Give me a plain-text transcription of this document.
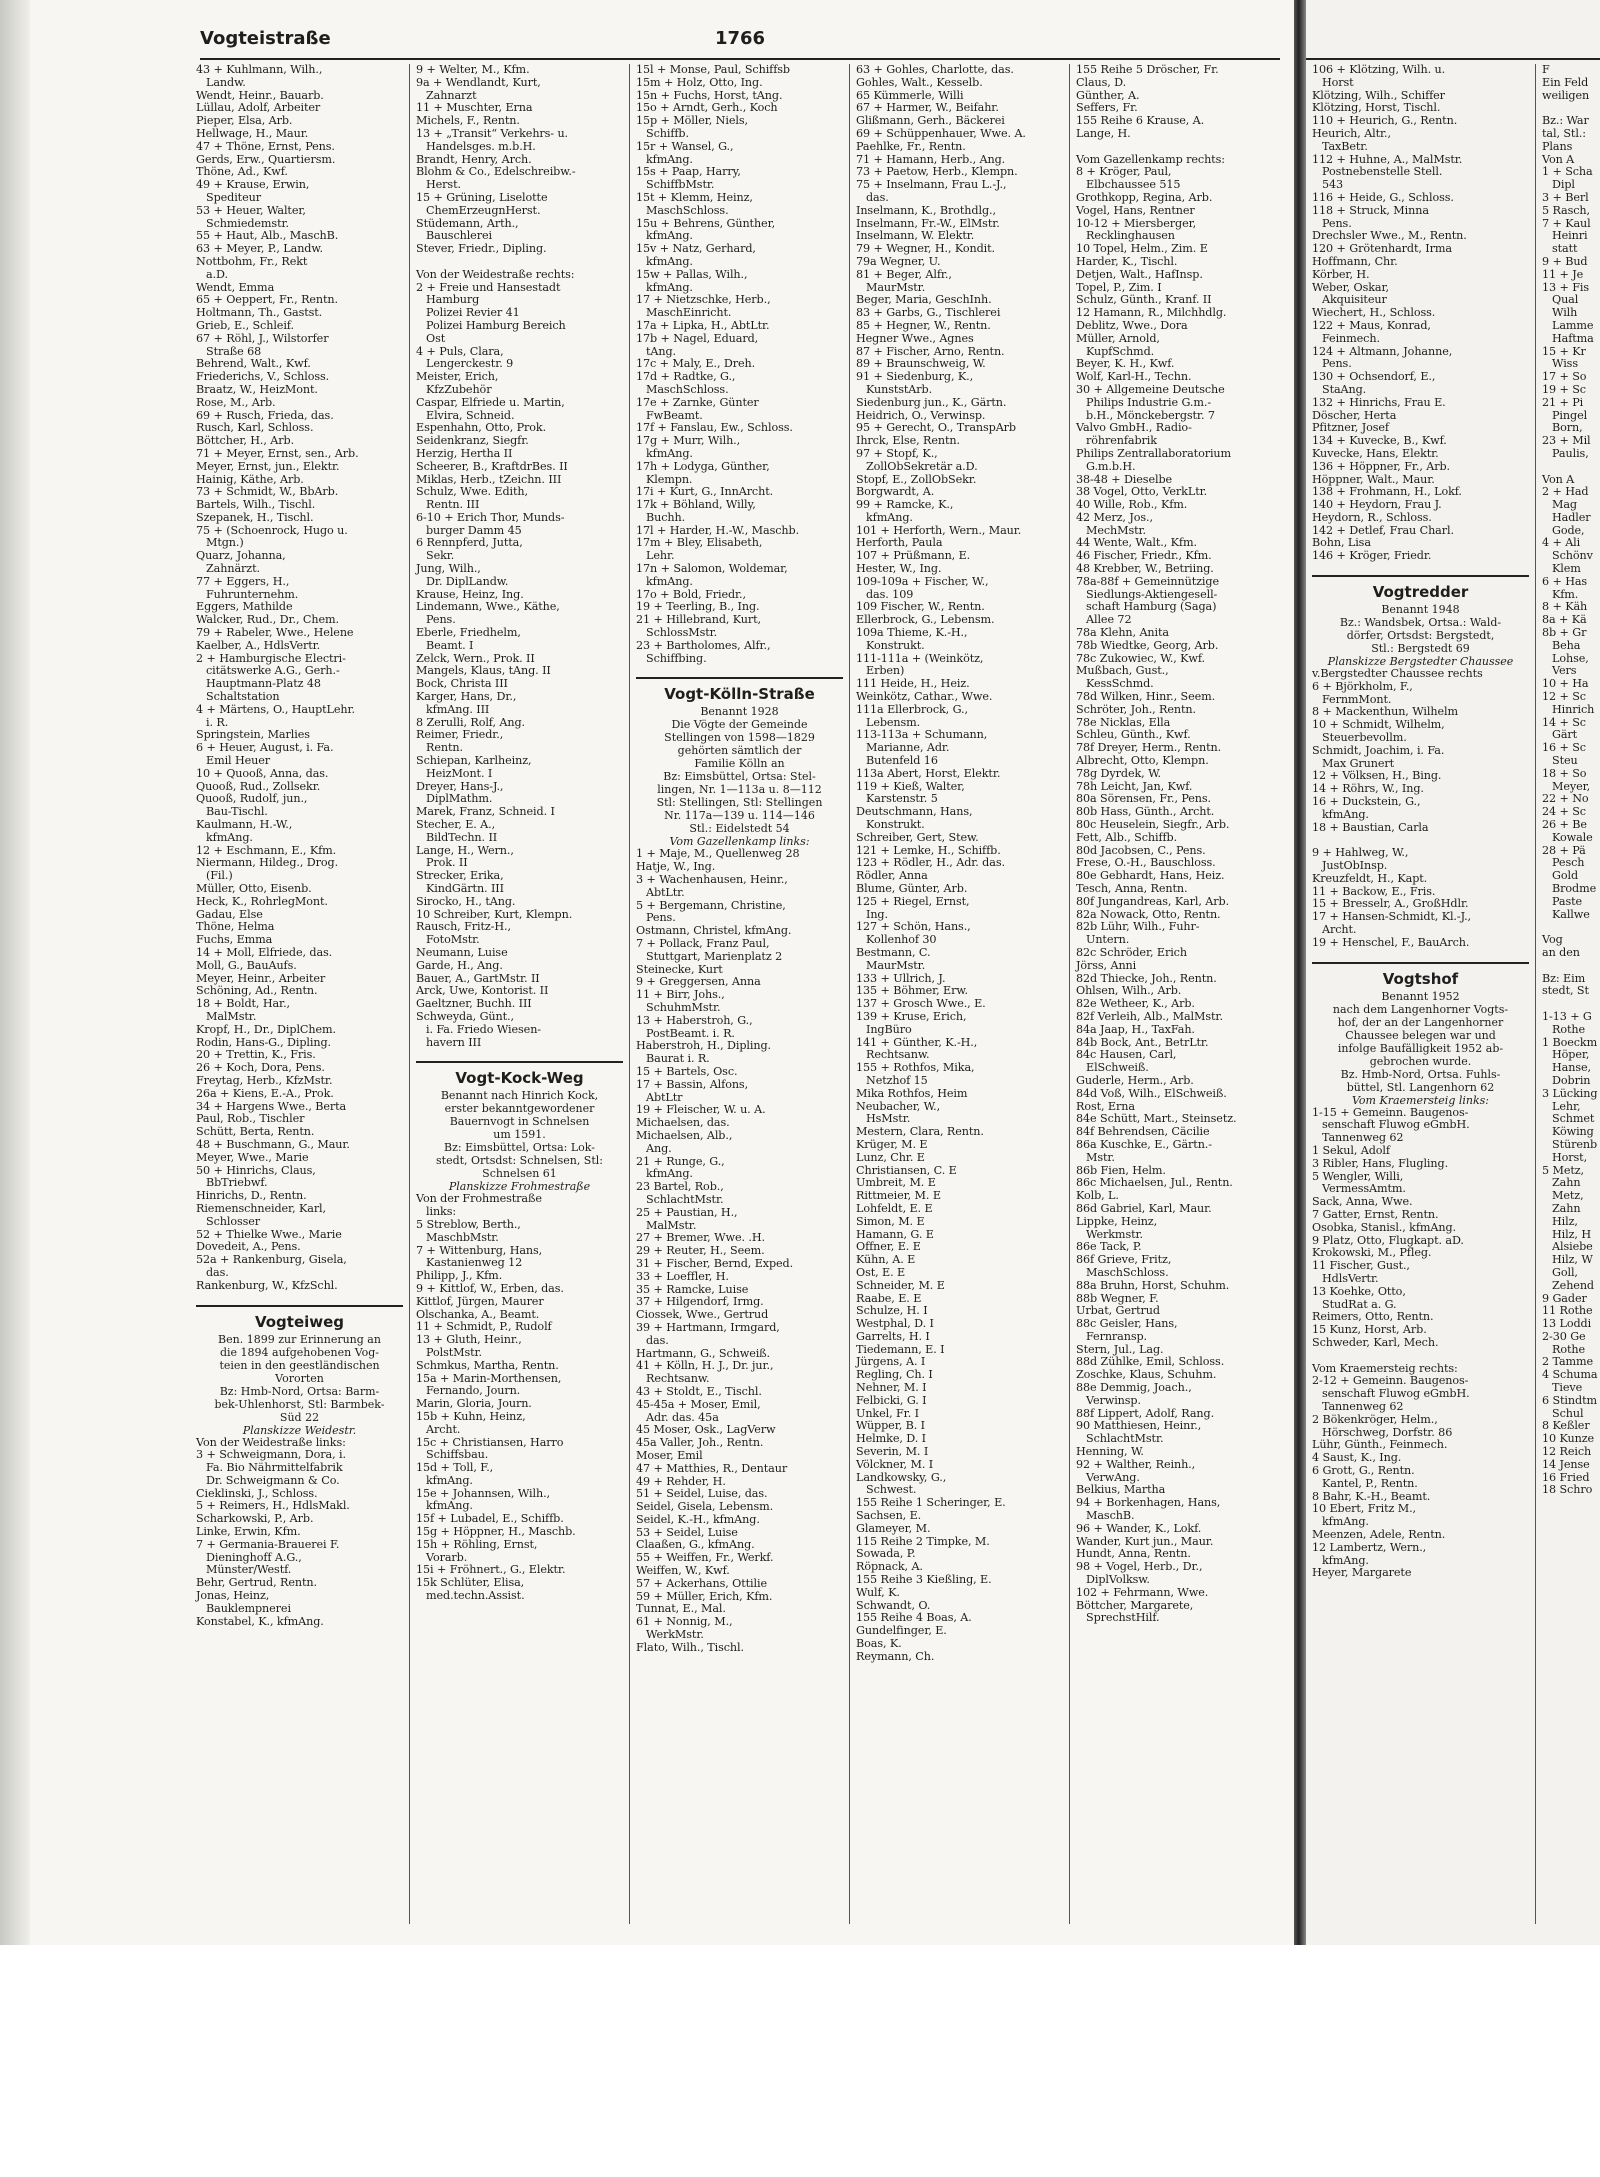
Vogteistraße	1766
43 + Kuhlmann, Wilh.,
Landw.
Wendt, Heinr., Bauarb.
Lüllau, Adolf, Arbeiter
Pieper, Elsa, Arb.
Hellwage, H., Maur.
47 + Thöne, Ernst, Pens.
Gerds, Erw., Quartiersm.
Thöne, Ad., Kwf.
49 + Krause, Erwin,
Spediteur
53 + Heuer, Walter,
Schmiedemstr.
55 + Haut, Alb., MaschB.
63 + Meyer, P., Landw.
Nottbohm, Fr., Rekt
a.D.
Wendt, Emma
65 + Oeppert, Fr., Rentn.
Holtmann, Th., Gastst.
Grieb, E., Schleif.
67 + Röhl, J., Wilstorfer
Straße 68
Behrend, Walt., Kwf.
Friederichs, V., Schloss.
Braatz, W., HeizMont.
Rose, M., Arb.
69 + Rusch, Frieda, das.
Rusch, Karl, Schloss.
Böttcher, H., Arb.
71 + Meyer, Ernst, sen., Arb.
Meyer, Ernst, jun., Elektr.
Hainig, Käthe, Arb.
73 + Schmidt, W., BbArb.
Bartels, Wilh., Tischl.
Szepanek, H., Tischl.
75 + (Schoenrock, Hugo u.
Mtgn.)
Quarz, Johanna,
Zahnärzt.
77 + Eggers, H.,
Fuhrunternehm.
Eggers, Mathilde
Walcker, Rud., Dr., Chem.
79 + Rabeler, Wwe., Helene
Kaelber, A., HdlsVertr.
2 + Hamburgische Electri-
citätswerke A.G., Gerh.-
Hauptmann-Platz 48
Schaltstation
4 + Märtens, O., HauptLehr.
i. R.
Springstein, Marlies
6 + Heuer, August, i. Fa.
Emil Heuer
10 + Quooß, Anna, das.
Quooß, Rud., Zollsekr.
Quooß, Rudolf, jun.,
Bau-Tischl.
Kaulmann, H.-W.,
kfmAng.
12 + Eschmann, E., Kfm.
Niermann, Hildeg., Drog.
(Fil.)
Müller, Otto, Eisenb.
Heck, K., RohrlegMont.
Gadau, Else
Thöne, Helma
Fuchs, Emma
14 + Moll, Elfriede, das.
Moll, G., BauAufs.
Meyer, Heinr., Arbeiter
Schöning, Ad., Rentn.
18 + Boldt, Har.,
MalMstr.
Kropf, H., Dr., DiplChem.
Rodin, Hans-G., Dipling.
20 + Trettin, K., Fris.
26 + Koch, Dora, Pens.
Freytag, Herb., KfzMstr.
26a + Kiens, E.-A., Prok.
34 + Hargens Wwe., Berta
Paul, Rob., Tischler
Schütt, Berta, Rentn.
48 + Buschmann, G., Maur.
Meyer, Wwe., Marie
50 + Hinrichs, Claus,
BbTriebwf.
Hinrichs, D., Rentn.
Riemenschneider, Karl,
Schlosser
52 + Thielke Wwe., Marie
Dovedeit, A., Pens.
52a + Rankenburg, Gisela,
das.
Rankenburg, W., KfzSchl.
Vogteiweg
Ben. 1899 zur Erinnerung an
die 1894 aufgehobenen Vog-
teien in den geestländischen
Vororten
Bz: Hmb-Nord, Ortsa: Barm-
bek-Uhlenhorst, Stl: Barmbek-
Süd 22
Planskizze Weidestr.
Von der Weidestraße links:
3 + Schweigmann, Dora, i.
Fa. Bio Nährmittelfabrik
Dr. Schweigmann & Co.
Cieklinski, J., Schloss.
5 + Reimers, H., HdlsMakl.
Scharkowski, P., Arb.
Linke, Erwin, Kfm.
7 + Germania-Brauerei F.
Dieninghoff A.G.,
Münster/Westf.
Behr, Gertrud, Rentn.
Jonas, Heinz,
Bauklempnerei
Konstabel, K., kfmAng.
9 + Welter, M., Kfm.
9a + Wendlandt, Kurt,
Zahnarzt
11 + Muschter, Erna
Michels, F., Rentn.
13 + „Transit“ Verkehrs- u.
Handelsges. m.b.H.
Brandt, Henry, Arch.
Blohm & Co., Edelschreibw.-
Herst.
15 + Grüning, Liselotte
ChemErzeugnHerst.
Stüdemann, Arth.,
Bauschlerei
Stever, Friedr., Dipling.

Von der Weidestraße rechts:
2 + Freie und Hansestadt
Hamburg
Polizei Revier 41
Polizei Hamburg Bereich
Ost
4 + Puls, Clara,
Lengerckestr. 9
Meister, Erich,
KfzZubehör
Caspar, Elfriede u. Martin,
Elvira, Schneid.
Espenhahn, Otto, Prok.
Seidenkranz, Siegfr.
Herzig, Hertha II
Scheerer, B., KraftdrBes. II
Miklas, Herb., tZeichn. III
Schulz, Wwe. Edith,
Rentn. III
6-10 + Erich Thor, Munds-
burger Damm 45
6 Rennpferd, Jutta,
Sekr.
Jung, Wilh.,
Dr. DiplLandw.
Krause, Heinz, Ing.
Lindemann, Wwe., Käthe,
Pens.
Eberle, Friedhelm,
Beamt. I
Zelck, Wern., Prok. II
Mangels, Klaus, tAng. II
Bock, Christa III
Karger, Hans, Dr.,
kfmAng. III
8 Zerulli, Rolf, Ang.
Reimer, Friedr.,
Rentn.
Schiepan, Karlheinz,
HeizMont. I
Dreyer, Hans-J.,
DiplMathm.
Marek, Franz, Schneid. I
Stecher, E. A.,
BildTechn. II
Lange, H., Wern.,
Prok. II
Strecker, Erika,
KindGärtn. III
Sirocko, H., tAng.
10 Schreiber, Kurt, Klempn.
Rausch, Fritz-H.,
FotoMstr.
Neumann, Luise
Garde, H., Ang.
Bauer, A., GartMstr. II
Arck, Uwe, Kontorist. II
Gaeltzner, Buchh. III
Schweyda, Günt.,
i. Fa. Friedo Wiesen-
havern III
Vogt-Kock-Weg
Benannt nach Hinrich Kock,
erster bekanntgewordener
Bauernvogt in Schnelsen
um 1591.
Bz: Eimsbüttel, Ortsa: Lok-
stedt, Ortsdst: Schnelsen, Stl:
Schnelsen 61
Planskizze Frohmestraße
Von der Frohmestraße
links:
5 Streblow, Berth.,
MaschbMstr.
7 + Wittenburg, Hans,
Kastanienweg 12
Philipp, J., Kfm.
9 + Kittlof, W., Erben, das.
Kittlof, Jürgen, Maurer
Olschanka, A., Beamt.
11 + Schmidt, P., Rudolf
13 + Gluth, Heinr.,
PolstMstr.
Schmkus, Martha, Rentn.
15a + Marin-Morthensen,
Fernando, Journ.
Marin, Gloria, Journ.
15b + Kuhn, Heinz,
Archt.
15c + Christiansen, Harro
Schiffsbau.
15d + Toll, F.,
kfmAng.
15e + Johannsen, Wilh.,
kfmAng.
15f + Lubadel, E., Schiffb.
15g + Höppner, H., Maschb.
15h + Röhling, Ernst,
Vorarb.
15i + Fröhnert., G., Elektr.
15k Schlüter, Elisa,
med.techn.Assist.
15l + Monse, Paul, Schiffsb
15m + Holz, Otto, Ing.
15n + Fuchs, Horst, tAng.
15o + Arndt, Gerh., Koch
15p + Möller, Niels,
Schiffb.
15r + Wansel, G.,
kfmAng.
15s + Paap, Harry,
SchiffbMstr.
15t + Klemm, Heinz,
MaschSchloss.
15u + Behrens, Günther,
kfmAng.
15v + Natz, Gerhard,
kfmAng.
15w + Pallas, Wilh.,
kfmAng.
17 + Nietzschke, Herb.,
MaschEinricht.
17a + Lipka, H., AbtLtr.
17b + Nagel, Eduard,
tAng.
17c + Maly, E., Dreh.
17d + Radtke, G.,
MaschSchloss.
17e + Zarnke, Günter
FwBeamt.
17f + Fanslau, Ew., Schloss.
17g + Murr, Wilh.,
kfmAng.
17h + Lodyga, Günther,
Klempn.
17i + Kurt, G., InnArcht.
17k + Böhland, Willy,
Buchh.
17l + Harder, H.-W., Maschb.
17m + Bley, Elisabeth,
Lehr.
17n + Salomon, Woldemar,
kfmAng.
17o + Bold, Friedr.,
19 + Teerling, B., Ing.
21 + Hillebrand, Kurt,
SchlossMstr.
23 + Bartholomes, Alfr.,
Schiffbing.
Vogt-Kölln-Straße
Benannt 1928
Die Vögte der Gemeinde
Stellingen von 1598—1829
gehörten sämtlich der
Familie Kölln an
Bz: Eimsbüttel, Ortsa: Stel-
lingen, Nr. 1—113a u. 8—112
Stl: Stellingen, Stl: Stellingen
Nr. 117a—139 u. 114—146
Stl.: Eidelstedt 54
Vom Gazellenkamp links:
1 + Maje, M., Quellenweg 28
Hatje, W., Ing.
3 + Wachenhausen, Heinr.,
AbtLtr.
5 + Bergemann, Christine,
Pens.
Ostmann, Christel, kfmAng.
7 + Pollack, Franz Paul,
Stuttgart, Marienplatz 2
Steinecke, Kurt
9 + Greggersen, Anna
11 + Birr, Johs.,
SchuhmMstr.
13 + Haberstroh, G.,
PostBeamt. i. R.
Haberstroh, H., Dipling.
Baurat i. R.
15 + Bartels, Osc.
17 + Bassin, Alfons,
AbtLtr
19 + Fleischer, W. u. A.
Michaelsen, das.
Michaelsen, Alb.,
Ang.
21 + Runge, G.,
kfmAng.
23 Bartel, Rob.,
SchlachtMstr.
25 + Paustian, H.,
MalMstr.
27 + Bremer, Wwe. .H.
29 + Reuter, H., Seem.
31 + Fischer, Bernd, Exped.
33 + Loeffler, H.
35 + Ramcke, Luise
37 + Hilgendorf, Irmg.
Ciossek, Wwe., Gertrud
39 + Hartmann, Irmgard,
das.
Hartmann, G., Schweiß.
41 + Kölln, H. J., Dr. jur.,
Rechtsanw.
43 + Stoldt, E., Tischl.
45-45a + Moser, Emil,
Adr. das. 45a
45 Moser, Osk., LagVerw
45a Valler, Joh., Rentn.
Moser, Emil
47 + Matthies, R., Dentaur
49 + Rehder, H.
51 + Seidel, Luise, das.
Seidel, Gisela, Lebensm.
Seidel, K.-H., kfmAng.
53 + Seidel, Luise
Claaßen, G., kfmAng.
55 + Weiffen, Fr., Werkf.
Weiffen, W., Kwf.
57 + Ackerhans, Ottilie
59 + Müller, Erich, Kfm.
Tunnat, E., Mal.
61 + Nonnig, M.,
WerkMstr.
Flato, Wilh., Tischl.
63 + Gohles, Charlotte, das.
Gohles, Walt., Kesselb.
65 Kümmerle, Willi
67 + Harmer, W., Beifahr.
Glißmann, Gerh., Bäckerei
69 + Schüppenhauer, Wwe. A.
Paehlke, Fr., Rentn.
71 + Hamann, Herb., Ang.
73 + Paetow, Herb., Klempn.
75 + Inselmann, Frau L.-J.,
das.
Inselmann, K., Brothdlg.,
Inselmann, Fr.-W., ElMstr.
Inselmann, W. Elektr.
79 + Wegner, H., Kondit.
79a Wegner, U.
81 + Beger, Alfr.,
MaurMstr.
Beger, Maria, GeschInh.
83 + Garbs, G., Tischlerei
85 + Hegner, W., Rentn.
Hegner Wwe., Agnes
87 + Fischer, Arno, Rentn.
89 + Braunschweig, W.
91 + Siedenburg, K.,
KunststArb.
Siedenburg jun., K., Gärtn.
Heidrich, O., Verwinsp.
95 + Gerecht, O., TranspArb
Ihrck, Else, Rentn.
97 + Stopf, K.,
ZollObSekretär a.D.
Stopf, E., ZollObSekr.
Borgwardt, A.
99 + Ramcke, K.,
kfmAng.
101 + Herforth, Wern., Maur.
Herforth, Paula
107 + Prüßmann, E.
Hester, W., Ing.
109-109a + Fischer, W.,
das. 109
109 Fischer, W., Rentn.
Ellerbrock, G., Lebensm.
109a Thieme, K.-H.,
Konstrukt.
111-111a + (Weinkötz,
Erben)
111 Heide, H., Heiz.
Weinkötz, Cathar., Wwe.
111a Ellerbrock, G.,
Lebensm.
113-113a + Schumann,
Marianne, Adr.
Butenfeld 16
113a Abert, Horst, Elektr.
119 + Kieß, Walter,
Karstenstr. 5
Deutschmann, Hans,
Konstrukt.
Schreiber, Gert, Stew.
121 + Lemke, H., Schiffb.
123 + Rödler, H., Adr. das.
Rödler, Anna
Blume, Günter, Arb.
125 + Riegel, Ernst,
Ing.
127 + Schön, Hans.,
Kollenhof 30
Bestmann, C.
MaurMstr.
133 + Ullrich, J.
135 + Böhmer, Erw.
137 + Grosch Wwe., E.
139 + Kruse, Erich,
IngBüro
141 + Günther, K.-H.,
Rechtsanw.
155 + Rothfos, Mika,
Netzhof 15
Mika Rothfos, Heim
Neubacher, W.,
HsMstr.
Mestern, Clara, Rentn.
Krüger, M. E
Lunz, Chr. E
Christiansen, C. E
Umbreit, M. E
Rittmeier, M. E
Lohfeldt, E. E
Simon, M. E
Hamann, G. E
Offner, E. E
Kühn, A. E
Ost, E. E
Schneider, M. E
Raabe, E. E
Schulze, H. I
Westphal, D. I
Garrelts, H. I
Tiedemann, E. I
Jürgens, A. I
Regling, Ch. I
Nehner, M. I
Felbicki, G. I
Unkel, Fr. I
Wüpper, B. I
Helmke, D. I
Severin, M. I
Völckner, M. I
Landkowsky, G.,
Schwest.
155 Reihe 1 Scheringer, E.
Sachsen, E.
Glameyer, M.
115 Reihe 2 Timpke, M.
Sowada, P.
Röpnack, A.
155 Reihe 3 Kießling, E.
Wulf, K.
Schwandt, O.
155 Reihe 4 Boas, A.
Gundelfinger, E.
Boas, K.
Reymann, Ch.
155 Reihe 5 Dröscher, Fr.
Claus, D.
Günther, A.
Seffers, Fr.
155 Reihe 6 Krause, A.
Lange, H.

Vom Gazellenkamp rechts:
8 + Kröger, Paul,
Elbchaussee 515
Grothkopp, Regina, Arb.
Vogel, Hans, Rentner
10-12 + Miersberger,
Recklinghausen
10 Topel, Helm., Zim. E
Harder, K., Tischl.
Detjen, Walt., HafInsp.
Topel, P., Zim. I
Schulz, Günth., Kranf. II
12 Hamann, R., Milchhdlg.
Deblitz, Wwe., Dora
Müller, Arnold,
KupfSchmd.
Beyer, K. H., Kwf.
Wolf, Karl-H., Techn.
30 + Allgemeine Deutsche
Philips Industrie G.m.-
b.H., Mönckebergstr. 7
Valvo GmbH., Radio-
röhrenfabrik
Philips Zentrallaboratorium
G.m.b.H.
38-48 + Dieselbe
38 Vogel, Otto, VerkLtr.
40 Wille, Rob., Kfm.
42 Merz, Jos.,
MechMstr.
44 Wente, Walt., Kfm.
46 Fischer, Friedr., Kfm.
48 Krebber, W., Betriing.
78a-88f + Gemeinnützige
Siedlungs-Aktiengesell-
schaft Hamburg (Saga)
Allee 72
78a Klehn, Anita
78b Wiedtke, Georg, Arb.
78c Zukowiec, W., Kwf.
Mußbach, Gust.,
KessSchmd.
78d Wilken, Hinr., Seem.
Schröter, Joh., Rentn.
78e Nicklas, Ella
Schleu, Günth., Kwf.
78f Dreyer, Herm., Rentn.
Albrecht, Otto, Klempn.
78g Dyrdek, W.
78h Leicht, Jan, Kwf.
80a Sörensen, Fr., Pens.
80b Hass, Günth., Archt.
80c Heuselein, Siegfr., Arb.
Fett, Alb., Schiffb.
80d Jacobsen, C., Pens.
Frese, O.-H., Bauschloss.
80e Gebhardt, Hans, Heiz.
Tesch, Anna, Rentn.
80f Jungandreas, Karl, Arb.
82a Nowack, Otto, Rentn.
82b Lühr, Wilh., Fuhr-
Untern.
82c Schröder, Erich
Jörss, Anni
82d Thiecke, Joh., Rentn.
Ohlsen, Wilh., Arb.
82e Wetheer, K., Arb.
82f Verleih, Alb., MalMstr.
84a Jaap, H., TaxFah.
84b Bock, Ant., BetrLtr.
84c Hausen, Carl,
ElSchweiß.
Guderle, Herm., Arb.
84d Voß, Wilh., ElSchweiß.
Rost, Erna
84e Schütt, Mart., Steinsetz.
84f Behrendsen, Cäcilie
86a Kuschke, E., Gärtn.-
Mstr.
86b Fien, Helm.
86c Michaelsen, Jul., Rentn.
Kolb, L.
86d Gabriel, Karl, Maur.
Lippke, Heinz,
Werkmstr.
86e Tack, P.
86f Grieve, Fritz,
MaschSchloss.
88a Bruhn, Horst, Schuhm.
88b Wegner, F.
Urbat, Gertrud
88c Geisler, Hans,
Fernransp.
Stern, Jul., Lag.
88d Zühlke, Emil, Schloss.
Zoschke, Klaus, Schuhm.
88e Demmig, Joach.,
Verwinsp.
88f Lippert, Adolf, Rang.
90 Matthiesen, Heinr.,
SchlachtMstr.
Henning, W.
92 + Walther, Reinh.,
VerwAng.
Belkius, Martha
94 + Borkenhagen, Hans,
MaschB.
96 + Wander, K., Lokf.
Wander, Kurt jun., Maur.
Hundt, Anna, Rentn.
98 + Vogel, Herb., Dr.,
DiplVolksw.
102 + Fehrmann, Wwe.
Böttcher, Margarete,
SprechstHilf.
106 + Klötzing, Wilh. u.
Horst
Klötzing, Wilh., Schiffer
Klötzing, Horst, Tischl.
110 + Heurich, G., Rentn.
Heurich, Altr.,
TaxBetr.
112 + Huhne, A., MalMstr.
Postnebenstelle Stell.
543
116 + Heide, G., Schloss.
118 + Struck, Minna
Pens.
Drechsler Wwe., M., Rentn.
120 + Grötenhardt, Irma
Hoffmann, Chr.
Körber, H.
Weber, Oskar,
Akquisiteur
Wiechert, H., Schloss.
122 + Maus, Konrad,
Feinmech.
124 + Altmann, Johanne,
Pens.
130 + Ochsendorf, E.,
StaAng.
132 + Hinrichs, Frau E.
Döscher, Herta
Pfitzner, Josef
134 + Kuvecke, B., Kwf.
Kuvecke, Hans, Elektr.
136 + Höppner, Fr., Arb.
Höppner, Walt., Maur.
138 + Frohmann, H., Lokf.
140 + Heydorn, Frau J.
Heydorn, R., Schloss.
142 + Detlef, Frau Charl.
Bohn, Lisa
146 + Kröger, Friedr.
Vogtredder
Benannt 1948
Bz.: Wandsbek, Ortsa.: Wald-
dörfer, Ortsdst: Bergstedt,
Stl.: Bergstedt 69
Planskizze Bergstedter Chaussee
v.Bergstedter Chaussee rechts
6 + Björkholm, F.,
FernmMont.
8 + Mackenthun, Wilhelm
10 + Schmidt, Wilhelm,
Steuerbevollm.
Schmidt, Joachim, i. Fa.
Max Grunert
12 + Völksen, H., Bing.
14 + Röhrs, W., Ing.
16 + Duckstein, G.,
kfmAng.
18 + Baustian, Carla

9 + Hahlweg, W.,
JustObInsp.
Kreuzfeldt, H., Kapt.
11 + Backow, E., Fris.
15 + Bresselr, A., GroßHdlr.
17 + Hansen-Schmidt, Kl.-J.,
Archt.
19 + Henschel, F., BauArch.
Vogtshof
Benannt 1952
nach dem Langenhorner Vogts-
hof, der an der Langenhorner
Chaussee belegen war und
infolge Baufälligkeit 1952 ab-
gebrochen wurde.
Bz. Hmb-Nord, Ortsa. Fuhls-
büttel, Stl. Langenhorn 62
Vom Kraemersteig links:
1-15 + Gemeinn. Baugenos-
senschaft Fluwog eGmbH.
Tannenweg 62
1 Sekul, Adolf
3 Ribler, Hans, Flugling.
5 Wengler, Willi,
VermessAmtm.
Sack, Anna, Wwe.
7 Gatter, Ernst, Rentn.
Osobka, Stanisl., kfmAng.
9 Platz, Otto, Flugkapt. aD.
Krokowski, M., Pfleg.
11 Fischer, Gust.,
HdlsVertr.
13 Koehke, Otto,
StudRat a. G.
Reimers, Otto, Rentn.
15 Kunz, Horst, Arb.
Schweder, Karl, Mech.

Vom Kraemersteig rechts:
2-12 + Gemeinn. Baugenos-
senschaft Fluwog eGmbH.
Tannenweg 62
2 Bökenkröger, Helm.,
Hörschweg, Dorfstr. 86
Lühr, Günth., Feinmech.
4 Saust, K., Ing.
6 Grott, G., Rentn.
Kantel, P., Rentn.
8 Bahr, K.-H., Beamt.
10 Ebert, Fritz M.,
kfmAng.
Meenzen, Adele, Rentn.
12 Lambertz, Wern.,
kfmAng.
Heyer, Margarete
F
Ein Feld
weiligen

Bz.: War
tal, Stl.:
Plans
Von A
1 + Scha
Dipl
3 + Berl
5 Rasch,
7 + Kaul
Heinri
statt
9 + Bud
11 + Je
13 + Fis
Qual
Wilh
Lamme
Haftma
15 + Kr
Wiss
17 + So
19 + Sc
21 + Pi
Pingel
Born,
23 + Mil
Paulis,

Von A
2 + Had
Mag
Hadler
Gode,
4 + Ali
Schönv
Klem
6 + Has
Kfm.
8 + Käh
8a + Kä
8b + Gr
Beha
Lohse,
Vers
10 + Ha
12 + Sc
Hinrich
14 + Sc
Gärt
16 + Sc
Steu
18 + So
Meyer,
22 + No
24 + Sc
26 + Be
Kowale
28 + Pä
Pesch
Gold
Brodme
Paste
Kallwe

Vog
an den

Bz: Eim
stedt, St

1-13 + G
Rothe
1 Boeckm
Höper,
Hanse,
Dobrin
3 Lücking
Lehr,
Schmet
Köwing
Stürenb
Horst,
5 Metz,
Zahn
Metz,
Zahn
Hilz,
Hilz, H
Alsiebe
Hilz, W
Goll,
Zehend
9 Gader
11 Rothe
13 Loddi
2-30 Ge
Rothe
2 Tamme
4 Schuma
Tieve
6 Stindtm
Schul
8 Keßler
10 Kunze
12 Reich
14 Jense
16 Fried
18 Schro
